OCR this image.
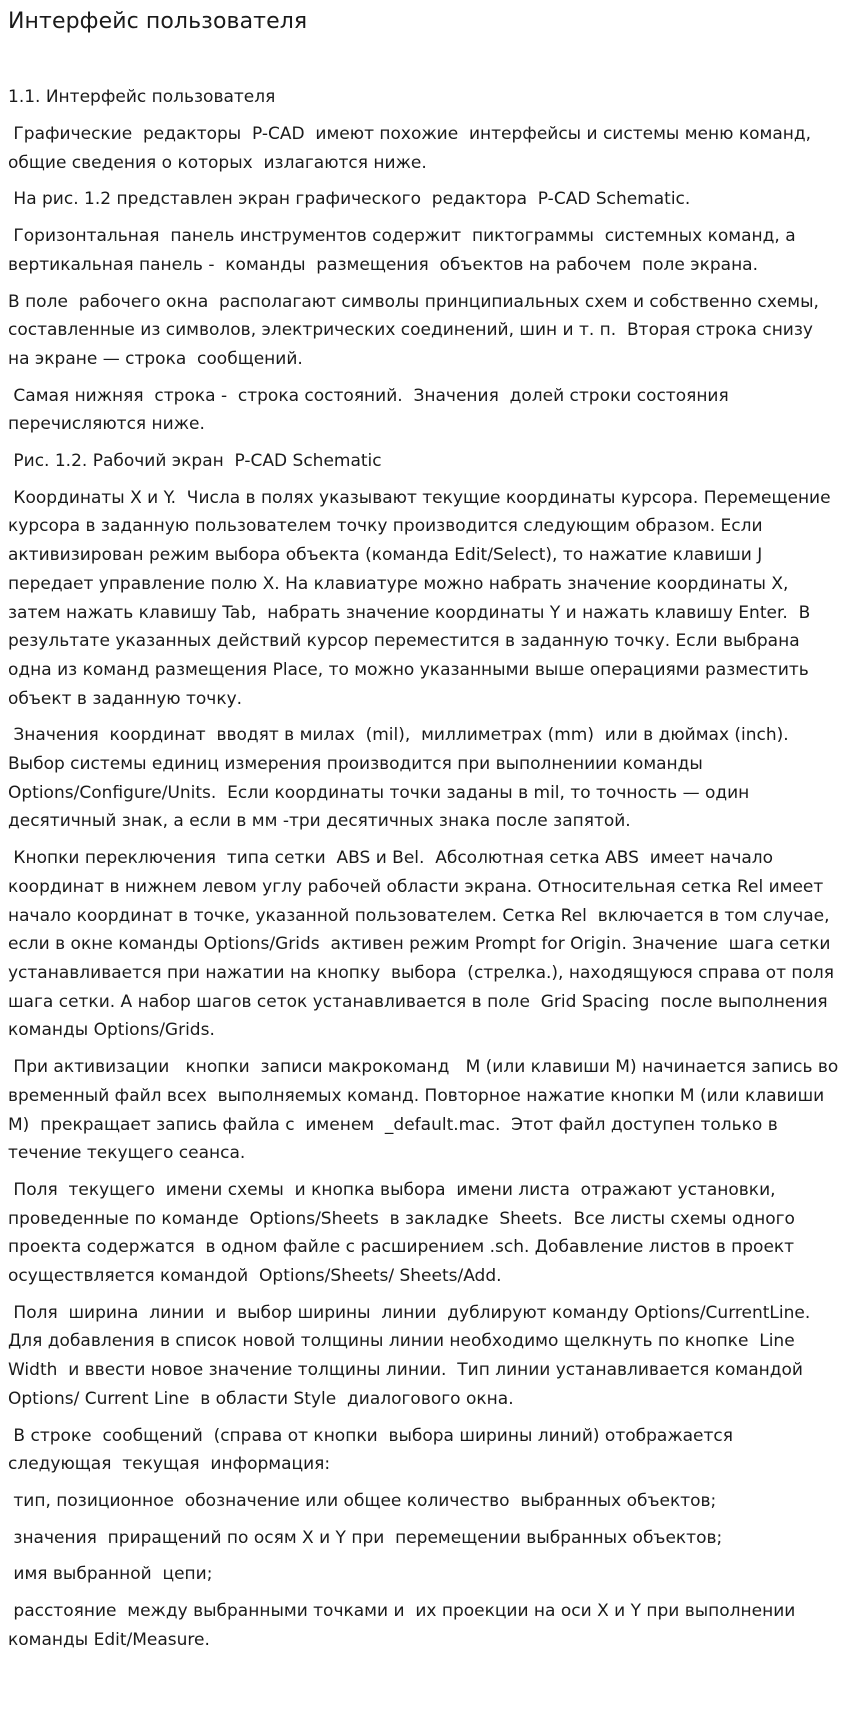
Интерфейс пользователя
1.1. Интерфейс пользователя

Графические  редакторы  P-CAD  имеют похожие  интерфейсы и системы меню команд, общие сведения о которых  излагаются ниже.

На рис. 1.2 представлен экран графического  редактора  P-CAD Schematic.

Горизонтальная  панель инструментов содержит  пиктограммы  системных команд, а вертикальная панель -  команды  размещения  объектов на рабочем  поле экрана.

В поле  рабочего окна  располагают символы принципиальных схем и собственно схемы, составленные из символов, электрических соединений, шин и т. п.  Вторая строка снизу  на экране — строка  сообщений.

Самая нижняя  строка -  строка состояний.  Значения  долей строки состояния перечисляются ниже.

Рис. 1.2. Рабочий экран  P-CAD Schematic

Координаты X и Y.  Числа в полях указывают текущие координаты курсора. Перемещение курсора в заданную пользователем точку производится следующим образом. Если активизирован режим выбора объекта (команда Edit/Select), то нажатие клавиши J передает управление полю X. На клавиатуре можно набрать значение координаты X, затем нажать клавишу Tab,  набрать значение координаты Y и нажать клавишу Enter.  В результате указанных действий курсор переместится в заданную точку. Если выбрана одна из команд размещения Place, то можно указанными выше операциями разместить объект в заданную точку.

Значения  координат  вводят в милах  (mil),  миллиметрах (mm)  или в дюймах (inch).  Выбор системы единиц измерения производится при выполнениии команды Options/Configure/Units.  Если координаты точки заданы в mil, то точность — один десятичный знак, а если в мм -три десятичных знака после запятой.

Кнопки переключения  типа сетки  ABS и Bel.  Абсолютная сетка ABS  имеет начало координат в нижнем левом углу рабочей области экрана. Относительная сетка Rel имеет начало координат в точке, указанной пользователем. Сетка Rel  включается в том случае, если в окне команды Options/Grids  активен режим Prompt for Origin. Значение  шага сетки устанавливается при нажатии на кнопку  выбора  (стрелка.), находящуюся справа от поля шага сетки. А набор шагов сеток устанавливается в поле  Grid Spacing  после выполнения команды Options/Grids.

При активизации   кнопки  записи макрокоманд   M (или клавиши M) начинается запись во временный файл всех  выполняемых команд. Повторное нажатие кнопки M (или клавиши M)  прекращает запись файла с  именем  _default.mac.  Этот файл доступен только в течение текущего сеанса.

Поля  текущего  имени схемы  и кнопка выбора  имени листа  отражают установки, проведенные по команде  Options/Sheets  в закладке  Sheets.  Все листы схемы одного проекта содержатся  в одном файле с расширением .sch. Добавление листов в проект осуществляется командой  Options/Sheets/ Sheets/Add.

Поля  ширина  линии  и  выбор ширины  линии  дублируют команду Options/CurrentLine.  Для добавления в список новой толщины линии необходимо щелкнуть по кнопке  Line Width  и ввести новое значение толщины линии.  Тип линии устанавливается командой  Options/ Current Line  в области Style  диалогового окна.

В строке  сообщений  (справа от кнопки  выбора ширины линий) отображается следующая  текущая  информация:

тип, позиционное  обозначение или общее количество  выбранных объектов;

значения  приращений по осям X и Y при  перемещении выбранных объектов;

имя выбранной  цепи;

расстояние  между выбранными точками и  их проекции на оси X и Y при выполнении команды Edit/Measure.
